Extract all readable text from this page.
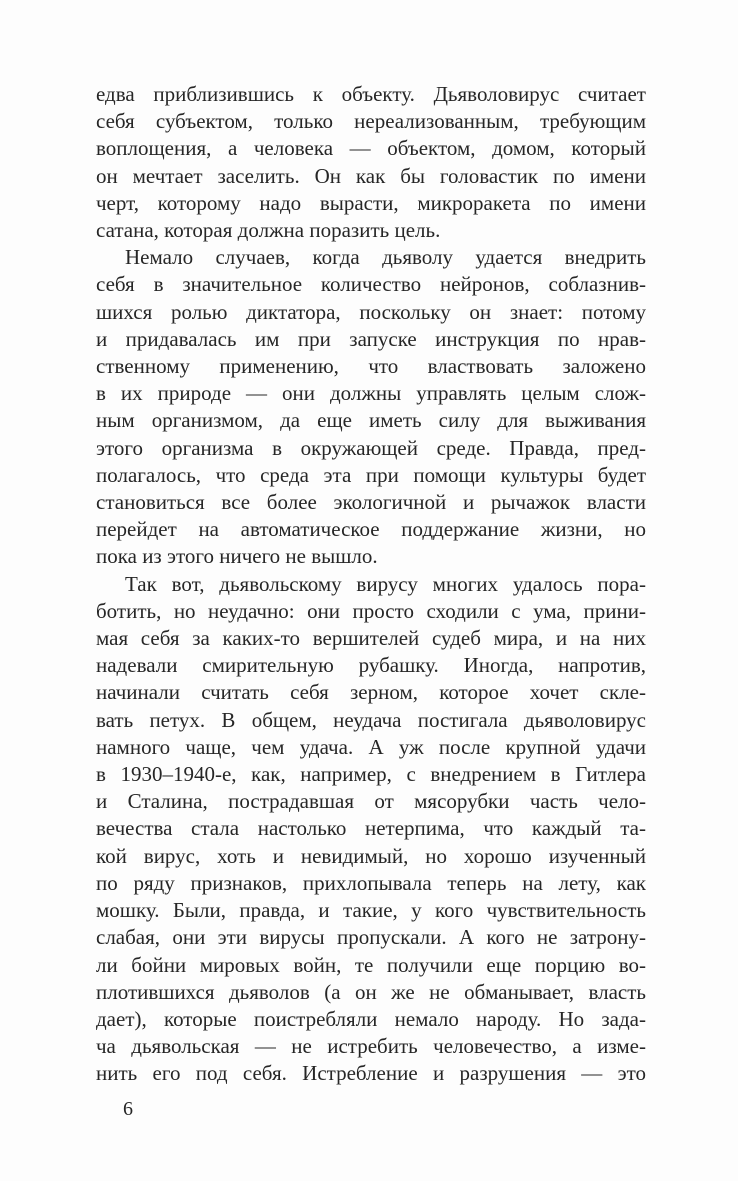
едва приблизившись к объекту. Дьяволовирус считает
себя субъектом, только нереализованным, требующим
воплощения, а человека — объектом, домом, который
он мечтает заселить. Он как бы головастик по имени
черт, которому надо вырасти, микроракета по имени
сатана, которая должна поразить цель.
Немало случаев, когда дьяволу удается внедрить
себя в значительное количество нейронов, соблазнив-
шихся ролью диктатора, поскольку он знает: потому
и придавалась им при запуске инструкция по нрав-
ственному применению, что властвовать заложено
в их природе — они должны управлять целым слож-
ным организмом, да еще иметь силу для выживания
этого организма в окружающей среде. Правда, пред-
полагалось, что среда эта при помощи культуры будет
становиться все более экологичной и рычажок власти
перейдет на автоматическое поддержание жизни, но
пока из этого ничего не вышло.
Так вот, дьявольскому вирусу многих удалось пора-
ботить, но неудачно: они просто сходили с ума, прини-
мая себя за каких-то вершителей судеб мира, и на них
надевали смирительную рубашку. Иногда, напротив,
начинали считать себя зерном, которое хочет скле-
вать петух. В общем, неудача постигала дьяволовирус
намного чаще, чем удача. А уж после крупной удачи
в 1930–1940-е, как, например, с внедрением в Гитлера
и Сталина, пострадавшая от мясорубки часть чело-
вечества стала настолько нетерпима, что каждый та-
кой вирус, хоть и невидимый, но хорошо изученный
по ряду признаков, прихлопывала теперь на лету, как
мошку. Были, правда, и такие, у кого чувствительность
слабая, они эти вирусы пропускали. А кого не затрону-
ли бойни мировых войн, те получили еще порцию во-
плотившихся дьяволов (а он же не обманывает, власть
дает), которые поистребляли немало народу. Но зада-
ча дьявольская — не истребить человечество, а изме-
нить его под себя. Истребление и разрушения — это
6
